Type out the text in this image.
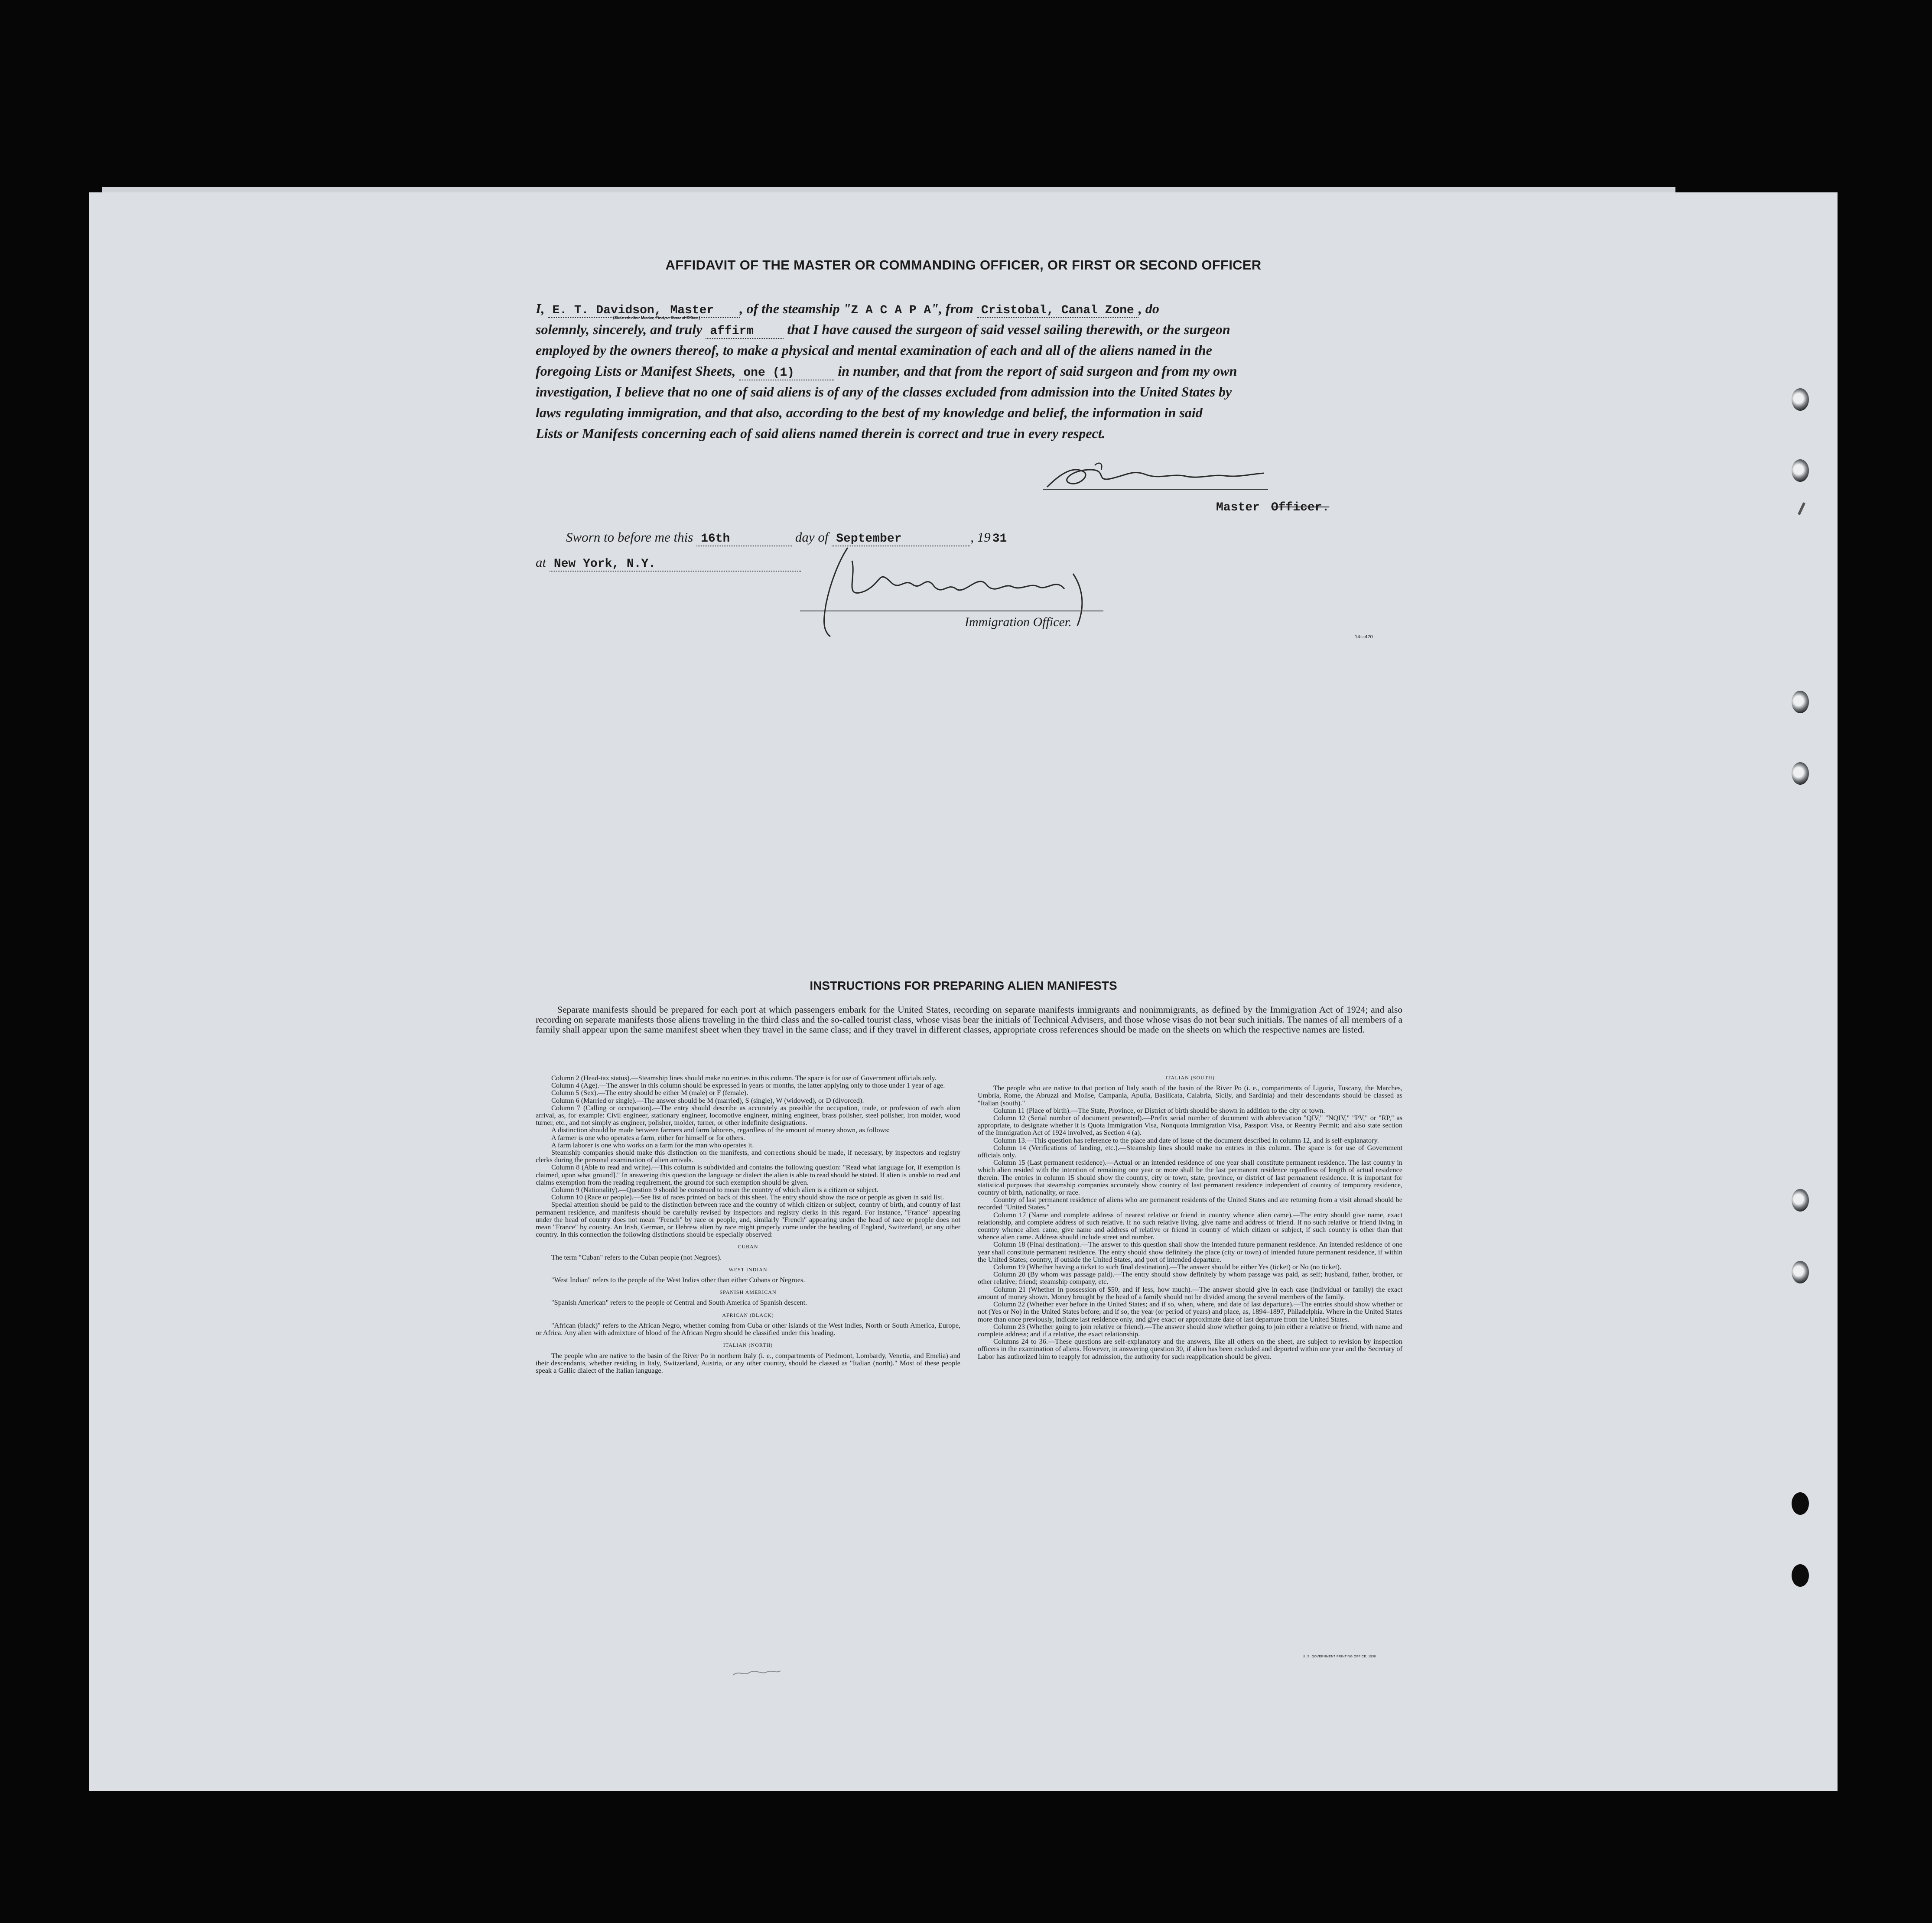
AFFIDAVIT OF THE MASTER OR COMMANDING OFFICER, OR FIRST OR SECOND OFFICER
I, E. T. Davidson, Master
(State whether Master, First, or Second Officer)
, of the steamship "Z A C A P A", from Cristobal, Canal Zone , do
solemnly, sincerely, and truly affirm that I have caused the surgeon of said vessel sailing therewith, or the surgeon
employed by the owners thereof, to make a physical and mental examination of each and all of the aliens named in the
foregoing Lists or Manifest Sheets, one (1)	in number, and that from the report of said surgeon and from my own
investigation, I believe that no one of said aliens is of any of the classes excluded from admission into the United States by
laws regulating immigration, and that also, according to the best of my knowledge and belief, the information in said
Lists or Manifests concerning each of said aliens named therein is correct and true in every respect.
Master Officer.
Sworn to before me this 16th	day of September	, 19 31
at New York, N.Y.
Immigration Officer.
14—420
INSTRUCTIONS FOR PREPARING ALIEN MANIFESTS
Separate manifests should be prepared for each port at which passengers embark for the United States, recording on separate manifests immigrants and nonimmigrants, as defined by the Immigration Act of 1924; and also recording on separate manifests those aliens traveling in the third class and the so-called tourist class, whose visas bear the initials of Technical Advisers, and those whose visas do not bear such initials. The names of all members of a family shall appear upon the same manifest sheet when they travel in the same class; and if they travel in different classes, appropriate cross references should be made on the sheets on which the respective names are listed.

Column 2 (Head-tax status).—Steamship lines should make no entries in this column. The space is for use of Government officials only.

Column 4 (Age).—The answer in this column should be expressed in years or months, the latter applying only to those under 1 year of age.

Column 5 (Sex).—The entry should be either M (male) or F (female).

Column 6 (Married or single).—The answer should be M (married), S (single), W (widowed), or D (divorced).

Column 7 (Calling or occupation).—The entry should describe as accurately as possible the occupation, trade, or profession of each alien arrival, as, for example: Civil engineer, stationary engineer, locomotive engineer, mining engineer, brass polisher, steel polisher, iron molder, wood turner, etc., and not simply as engineer, polisher, molder, turner, or other indefinite designations.

A distinction should be made between farmers and farm laborers, regardless of the amount of money shown, as follows:

A farmer is one who operates a farm, either for himself or for others.

A farm laborer is one who works on a farm for the man who operates it.

Steamship companies should make this distinction on the manifests, and corrections should be made, if necessary, by inspectors and registry clerks during the personal examination of alien arrivals.

Column 8 (Able to read and write).—This column is subdivided and contains the following question: "Read what language [or, if exemption is claimed, upon what ground]." In answering this question the language or dialect the alien is able to read should be stated. If alien is unable to read and claims exemption from the reading requirement, the ground for such exemption should be given.

Column 9 (Nationality).—Question 9 should be construed to mean the country of which alien is a citizen or subject.

Column 10 (Race or people).—See list of races printed on back of this sheet. The entry should show the race or people as given in said list.

Special attention should be paid to the distinction between race and the country of which citizen or subject, country of birth, and country of last permanent residence, and manifests should be carefully revised by inspectors and registry clerks in this regard. For instance, "France" appearing under the head of country does not mean "French" by race or people, and, similarly "French" appearing under the head of race or people does not mean "France" by country. An Irish, German, or Hebrew alien by race might properly come under the heading of England, Switzerland, or any other country. In this connection the following distinctions should be especially observed:

CUBAN

The term "Cuban" refers to the Cuban people (not Negroes).

WEST INDIAN

"West Indian" refers to the people of the West Indies other than either Cubans or Negroes.

SPANISH AMERICAN

"Spanish American" refers to the people of Central and South America of Spanish descent.

AFRICAN (BLACK)

"African (black)" refers to the African Negro, whether coming from Cuba or other islands of the West Indies, North or South America, Europe, or Africa. Any alien with admixture of blood of the African Negro should be classified under this heading.

ITALIAN (NORTH)

The people who are native to the basin of the River Po in northern Italy (i. e., compartments of Piedmont, Lombardy, Venetia, and Emelia) and their descendants, whether residing in Italy, Switzerland, Austria, or any other country, should be classed as "Italian (north)." Most of these people speak a Gallic dialect of the Italian language.

ITALIAN (SOUTH)

The people who are native to that portion of Italy south of the basin of the River Po (i. e., compartments of Liguria, Tuscany, the Marches, Umbria, Rome, the Abruzzi and Molise, Campania, Apulia, Basilicata, Calabria, Sicily, and Sardinia) and their descendants should be classed as "Italian (south)."

Column 11 (Place of birth).—The State, Province, or District of birth should be shown in addition to the city or town.

Column 12 (Serial number of document presented).—Prefix serial number of document with abbreviation "QIV," "NQIV," "PV," or "RP," as appropriate, to designate whether it is Quota Immigration Visa, Nonquota Immigration Visa, Passport Visa, or Reentry Permit; and also state section of the Immigration Act of 1924 involved, as Section 4 (a).

Column 13.—This question has reference to the place and date of issue of the document described in column 12, and is self-explanatory.

Column 14 (Verifications of landing, etc.).—Steamship lines should make no entries in this column. The space is for use of Government officials only.

Column 15 (Last permanent residence).—Actual or an intended residence of one year shall constitute permanent residence. The last country in which alien resided with the intention of remaining one year or more shall be the last permanent residence regardless of length of actual residence therein. The entries in column 15 should show the country, city or town, state, province, or district of last permanent residence. It is important for statistical purposes that steamship companies accurately show country of last permanent residence independent of country of temporary residence, country of birth, nationality, or race.

Country of last permanent residence of aliens who are permanent residents of the United States and are returning from a visit abroad should be recorded "United States."

Column 17 (Name and complete address of nearest relative or friend in country whence alien came).—The entry should give name, exact relationship, and complete address of such relative. If no such relative living, give name and address of friend. If no such relative or friend living in country whence alien came, give name and address of relative or friend in country of which citizen or subject, if such country is other than that whence alien came. Address should include street and number.

Column 18 (Final destination).—The answer to this question shall show the intended future permanent residence. An intended residence of one year shall constitute permanent residence. The entry should show definitely the place (city or town) of intended future permanent residence, if within the United States; country, if outside the United States, and port of intended departure.

Column 19 (Whether having a ticket to such final destination).—The answer should be either Yes (ticket) or No (no ticket).

Column 20 (By whom was passage paid).—The entry should show definitely by whom passage was paid, as self; husband, father, brother, or other relative; friend; steamship company, etc.

Column 21 (Whether in possession of $50, and if less, how much).—The answer should give in each case (individual or family) the exact amount of money shown. Money brought by the head of a family should not be divided among the several members of the family.

Column 22 (Whether ever before in the United States; and if so, when, where, and date of last departure).—The entries should show whether or not (Yes or No) in the United States before; and if so, the year (or period of years) and place, as, 1894–1897, Philadelphia. Where in the United States more than once previously, indicate last residence only, and give exact or approximate date of last departure from the United States.

Column 23 (Whether going to join relative or friend).—The answer should show whether going to join either a relative or friend, with name and complete address; and if a relative, the exact relationship.

Columns 24 to 36.—These questions are self-explanatory and the answers, like all others on the sheet, are subject to revision by inspection officers in the examination of aliens. However, in answering question 30, if alien has been excluded and deported within one year and the Secretary of Labor has authorized him to reapply for admission, the authority for such reapplication should be given.

U. S. GOVERNMENT PRINTING OFFICE: 1930
